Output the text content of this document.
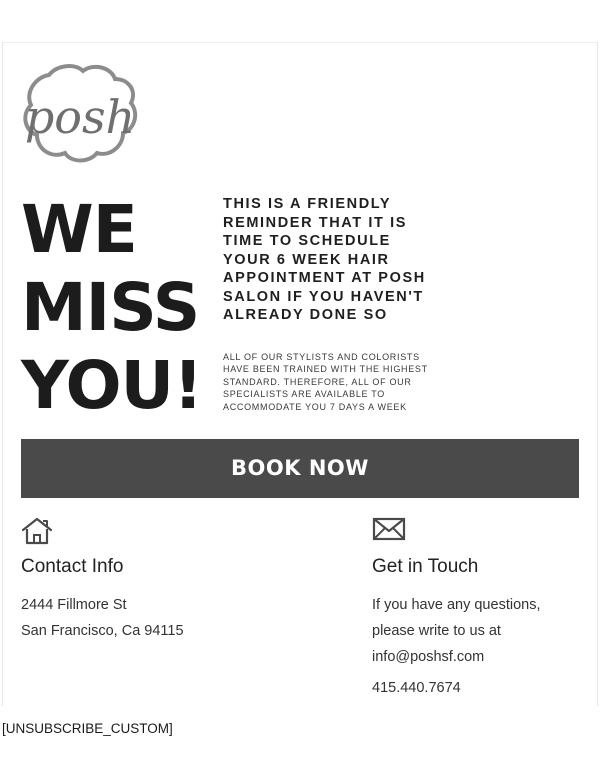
posh
WE
MISS
YOU!
THIS IS A FRIENDLY REMINDER THAT IT IS TIME TO SCHEDULE YOUR 6 WEEK HAIR APPOINTMENT AT POSH SALON IF YOU HAVEN'T ALREADY DONE SO
ALL OF OUR STYLISTS AND COLORISTS HAVE BEEN TRAINED WITH THE HIGHEST STANDARD. THEREFORE, ALL OF OUR SPECIALISTS ARE AVAILABLE TO ACCOMMODATE YOU 7 DAYS A WEEK
BOOK NOW
Contact Info
2444 Fillmore St
San Francisco, Ca 94115
Get in Touch
If you have any questions, please write to us at info@poshsf.com
415.440.7674
[UNSUBSCRIBE_CUSTOM]
